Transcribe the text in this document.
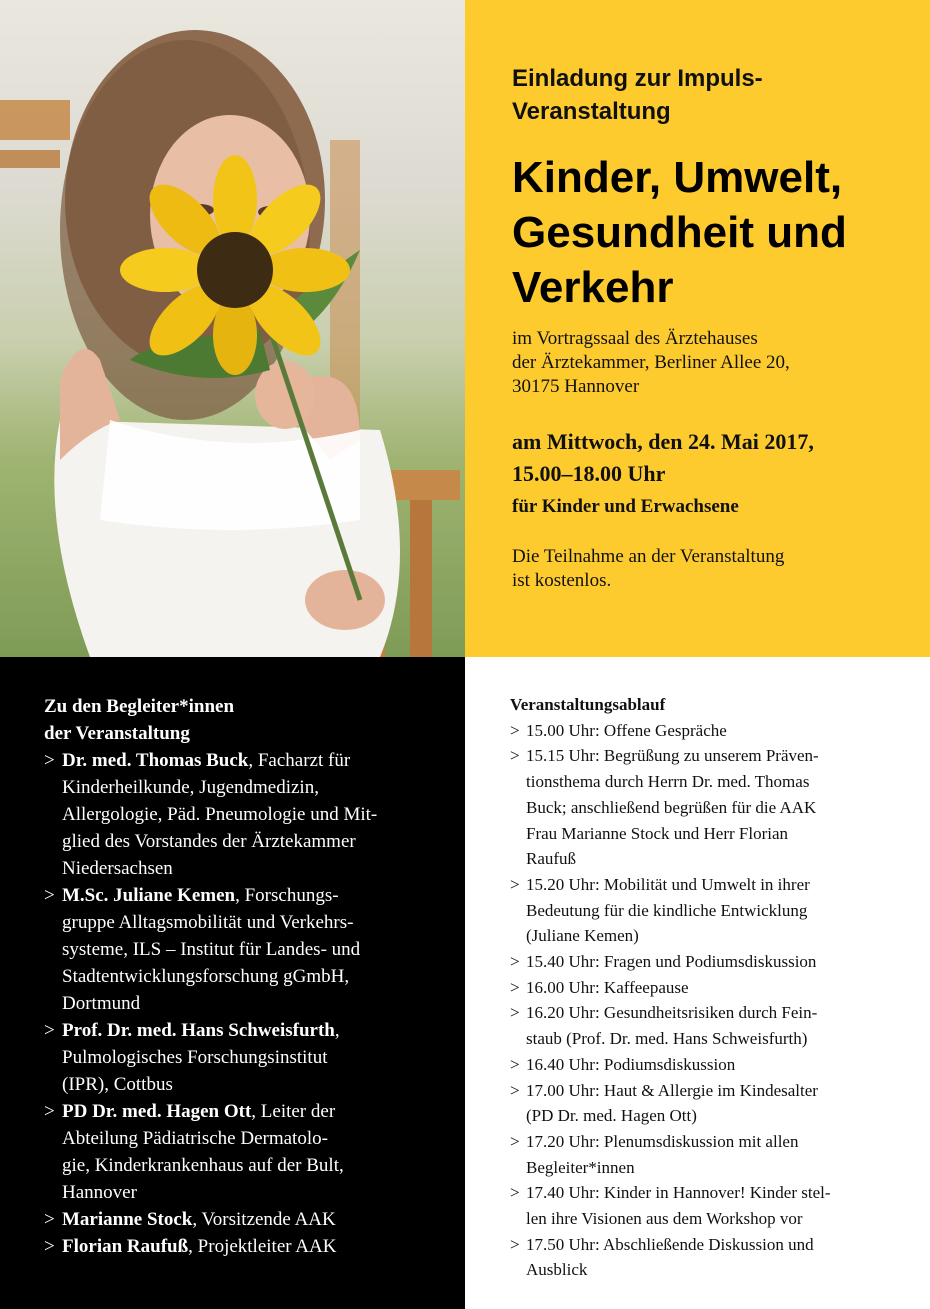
Einladung zur Impuls-
Veranstaltung
Kinder, Umwelt,
Gesundheit und
Verkehr
im Vortragssaal des Ärztehauses
der Ärztekammer, Berliner Allee 20,
30175 Hannover
am Mittwoch, den 24. Mai 2017,
15.00–18.00 Uhr
für Kinder und Erwachsene
Die Teilnahme an der Veranstaltung
ist kostenlos.
Zu den Begleiter*innen
der Veranstaltung
> Dr. med. Thomas Buck, Facharzt für
Kinderheilkunde, Jugendmedizin,
Allergologie, Päd. Pneumologie und Mit-
glied des Vorstandes der Ärztekammer
Niedersachsen
> M.Sc. Juliane Kemen, Forschungs-
gruppe Alltagsmobilität und Verkehrs-
systeme, ILS – Institut für Landes- und
Stadtentwicklungsforschung gGmbH,
Dortmund
> Prof. Dr. med. Hans Schweisfurth,
Pulmologisches Forschungsinstitut
(IPR), Cottbus
> PD Dr. med. Hagen Ott, Leiter der
Abteilung Pädiatrische Dermatolo-
gie, Kinderkrankenhaus auf der Bult,
Hannover
> Marianne Stock, Vorsitzende AAK
> Florian Raufuß, Projektleiter AAK
Veranstaltungsablauf
> 15.00 Uhr: Offene Gespräche
> 15.15 Uhr: Begrüßung zu unserem Präven-
tionsthema durch Herrn Dr. med. Thomas
Buck; anschließend begrüßen für die AAK
Frau Marianne Stock und Herr Florian
Raufuß
> 15.20 Uhr: Mobilität und Umwelt in ihrer
Bedeutung für die kindliche Entwicklung
(Juliane Kemen)
> 15.40 Uhr: Fragen und Podiumsdiskussion
> 16.00 Uhr: Kaffeepause
> 16.20 Uhr: Gesundheitsrisiken durch Fein-
staub (Prof. Dr. med. Hans Schweisfurth)
> 16.40 Uhr: Podiumsdiskussion
> 17.00 Uhr: Haut & Allergie im Kindesalter
(PD Dr. med. Hagen Ott)
> 17.20 Uhr: Plenumsdiskussion mit allen
Begleiter*innen
> 17.40 Uhr: Kinder in Hannover! Kinder stel-
len ihre Visionen aus dem Workshop vor
> 17.50 Uhr: Abschließende Diskussion und
Ausblick
